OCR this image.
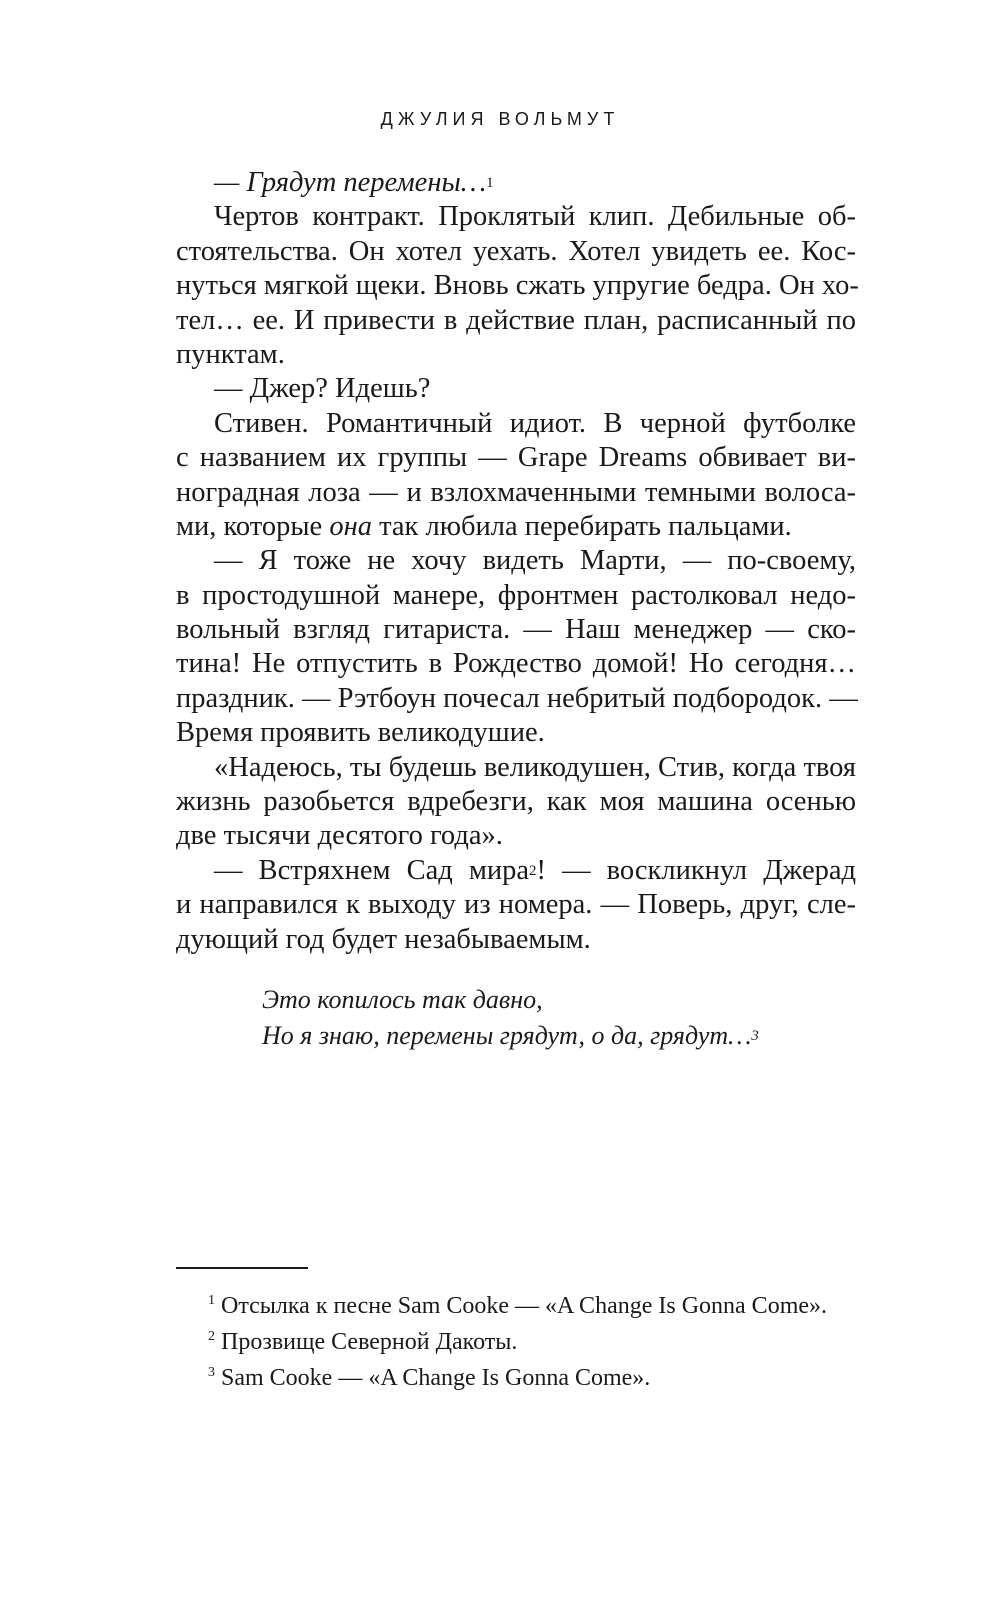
ДЖУЛИЯ ВОЛЬМУТ
— Грядут перемены…$^1$
Чертов контракт. Проклятый клип. Дебильные об-
стоятельства. Он хотел уехать. Хотел увидеть ее. Кос-
нуться мягкой щеки. Вновь сжать упругие бедра. Он хо-
тел… ее. И привести в действие план, расписанный по
пунктам.
— Джер? Идешь?
Стивен. Романтичный идиот. В черной футболке
с названием их группы — Grape Dreams обвивает ви-
ноградная лоза — и взлохмаченными темными волоса-
ми, которые она так любила перебирать пальцами.
— Я тоже не хочу видеть Марти, — по-своему,
в простодушной манере, фронтмен растолковал недо-
вольный взгляд гитариста. — Наш менеджер — ско-
тина! Не отпустить в Рождество домой! Но сегодня…
праздник. — Рэтбоун почесал небритый подбородок. —
Время проявить великодушие.
«Надеюсь, ты будешь великодушен, Стив, когда твоя
жизнь разобьется вдребезги, как моя машина осенью
две тысячи десятого года».
— Встряхнем Сад мира$^2$! — воскликнул Джерад
и направился к выходу из номера. — Поверь, друг, сле-
дующий год будет незабываемым.
Это копилось так давно,
Но я знаю, перемены грядут, о да, грядут…$^3$
$^1$ Отсылка к песне Sam Cooke — «A Change Is Gonna Come».
$^2$ Прозвище Северной Дакоты.
$^3$ Sam Cooke — «A Change Is Gonna Come».
